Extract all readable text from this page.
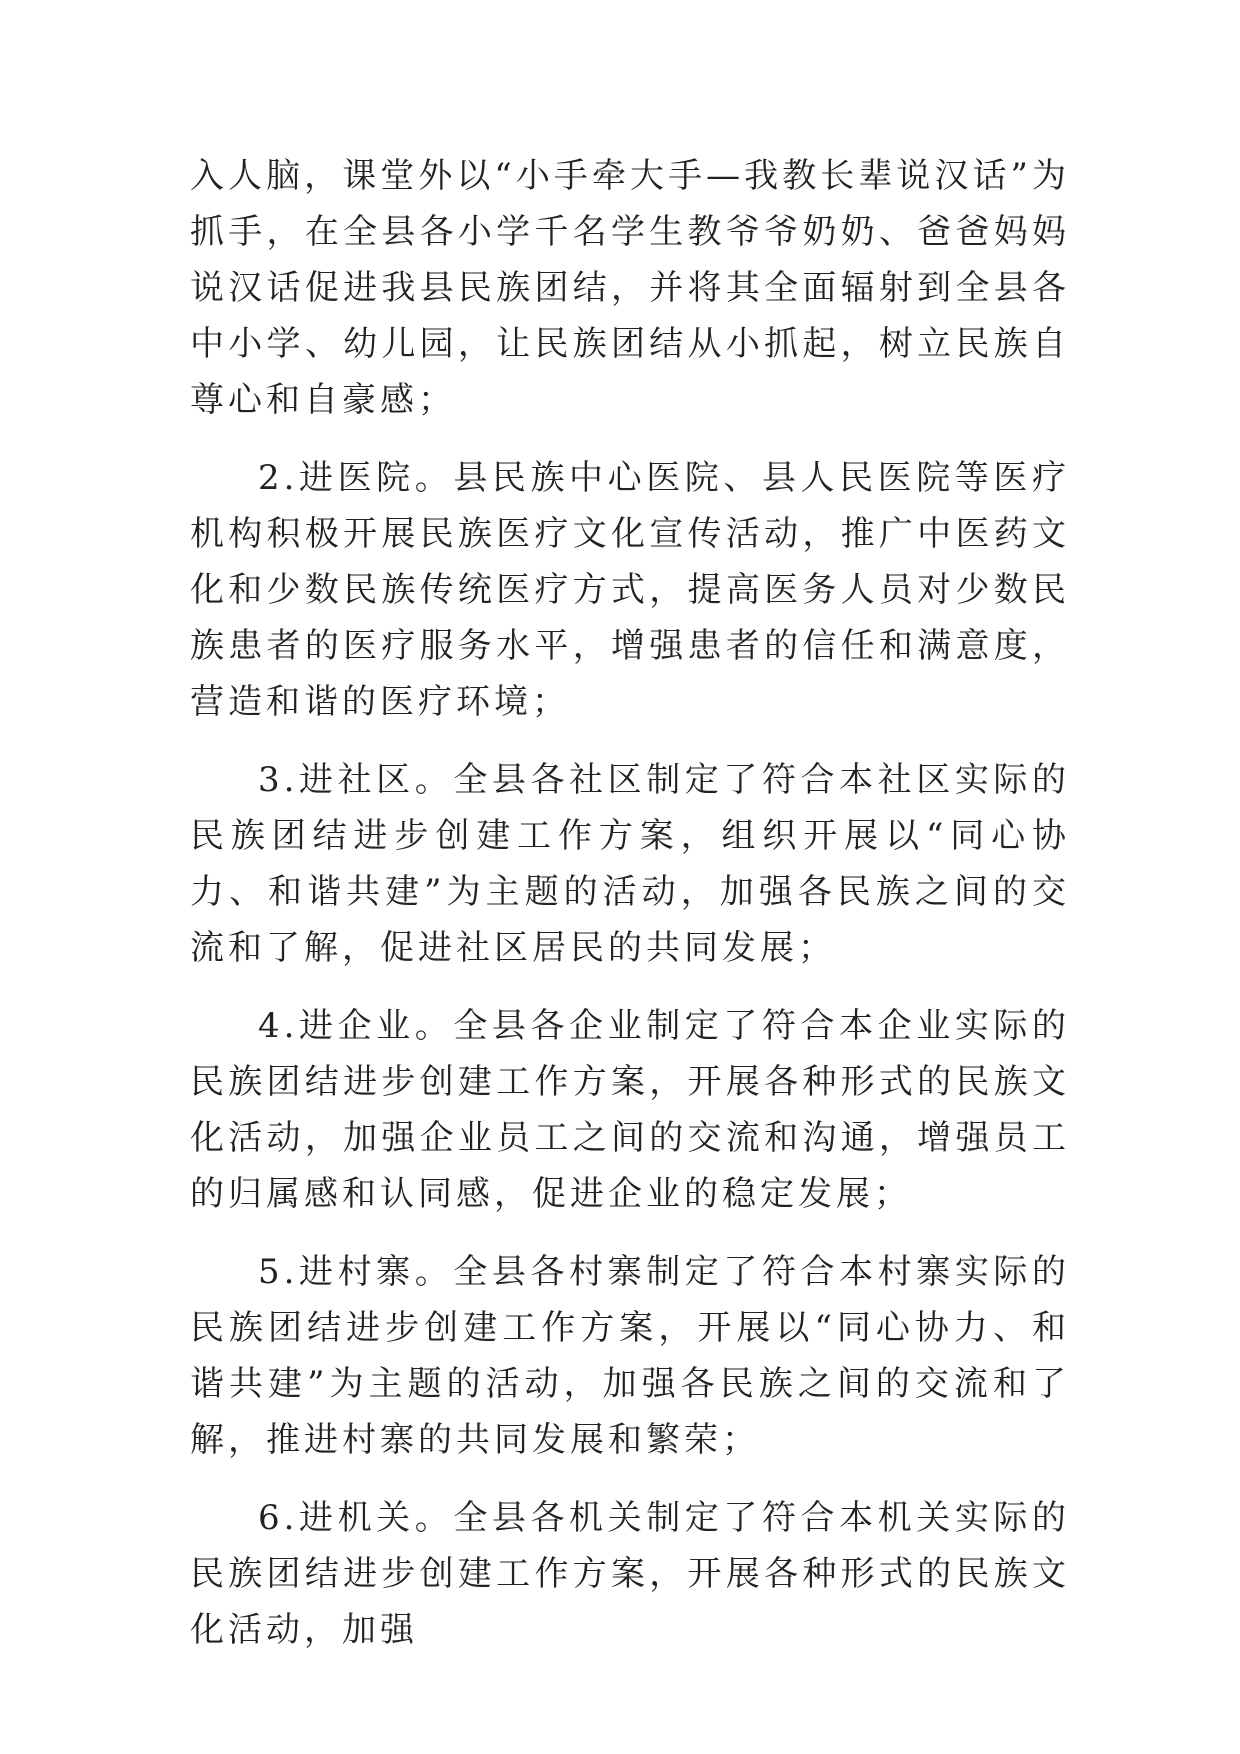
入人脑，课堂外以“小手牵大手—我教长辈说汉话”为抓手，在全县各小学千名学生教爷爷奶奶、爸爸妈妈说汉话促进我县民族团结，并将其全面辐射到全县各中小学、幼儿园，让民族团结从小抓起，树立民族自尊心和自豪感；

2.进医院。县民族中心医院、县人民医院等医疗机构积极开展民族医疗文化宣传活动，推广中医药文化和少数民族传统医疗方式，提高医务人员对少数民族患者的医疗服务水平，增强患者的信任和满意度，营造和谐的医疗环境；

3.进社区。全县各社区制定了符合本社区实际的民族团结进步创建工作方案，组织开展以“同心协力、和谐共建”为主题的活动，加强各民族之间的交流和了解，促进社区居民的共同发展；

4.进企业。全县各企业制定了符合本企业实际的民族团结进步创建工作方案，开展各种形式的民族文化活动，加强企业员工之间的交流和沟通，增强员工的归属感和认同感，促进企业的稳定发展；

5.进村寨。全县各村寨制定了符合本村寨实际的民族团结进步创建工作方案，开展以“同心协力、和谐共建”为主题的活动，加强各民族之间的交流和了解，推进村寨的共同发展和繁荣；

6.进机关。全县各机关制定了符合本机关实际的民族团结进步创建工作方案，开展各种形式的民族文化活动，加强
